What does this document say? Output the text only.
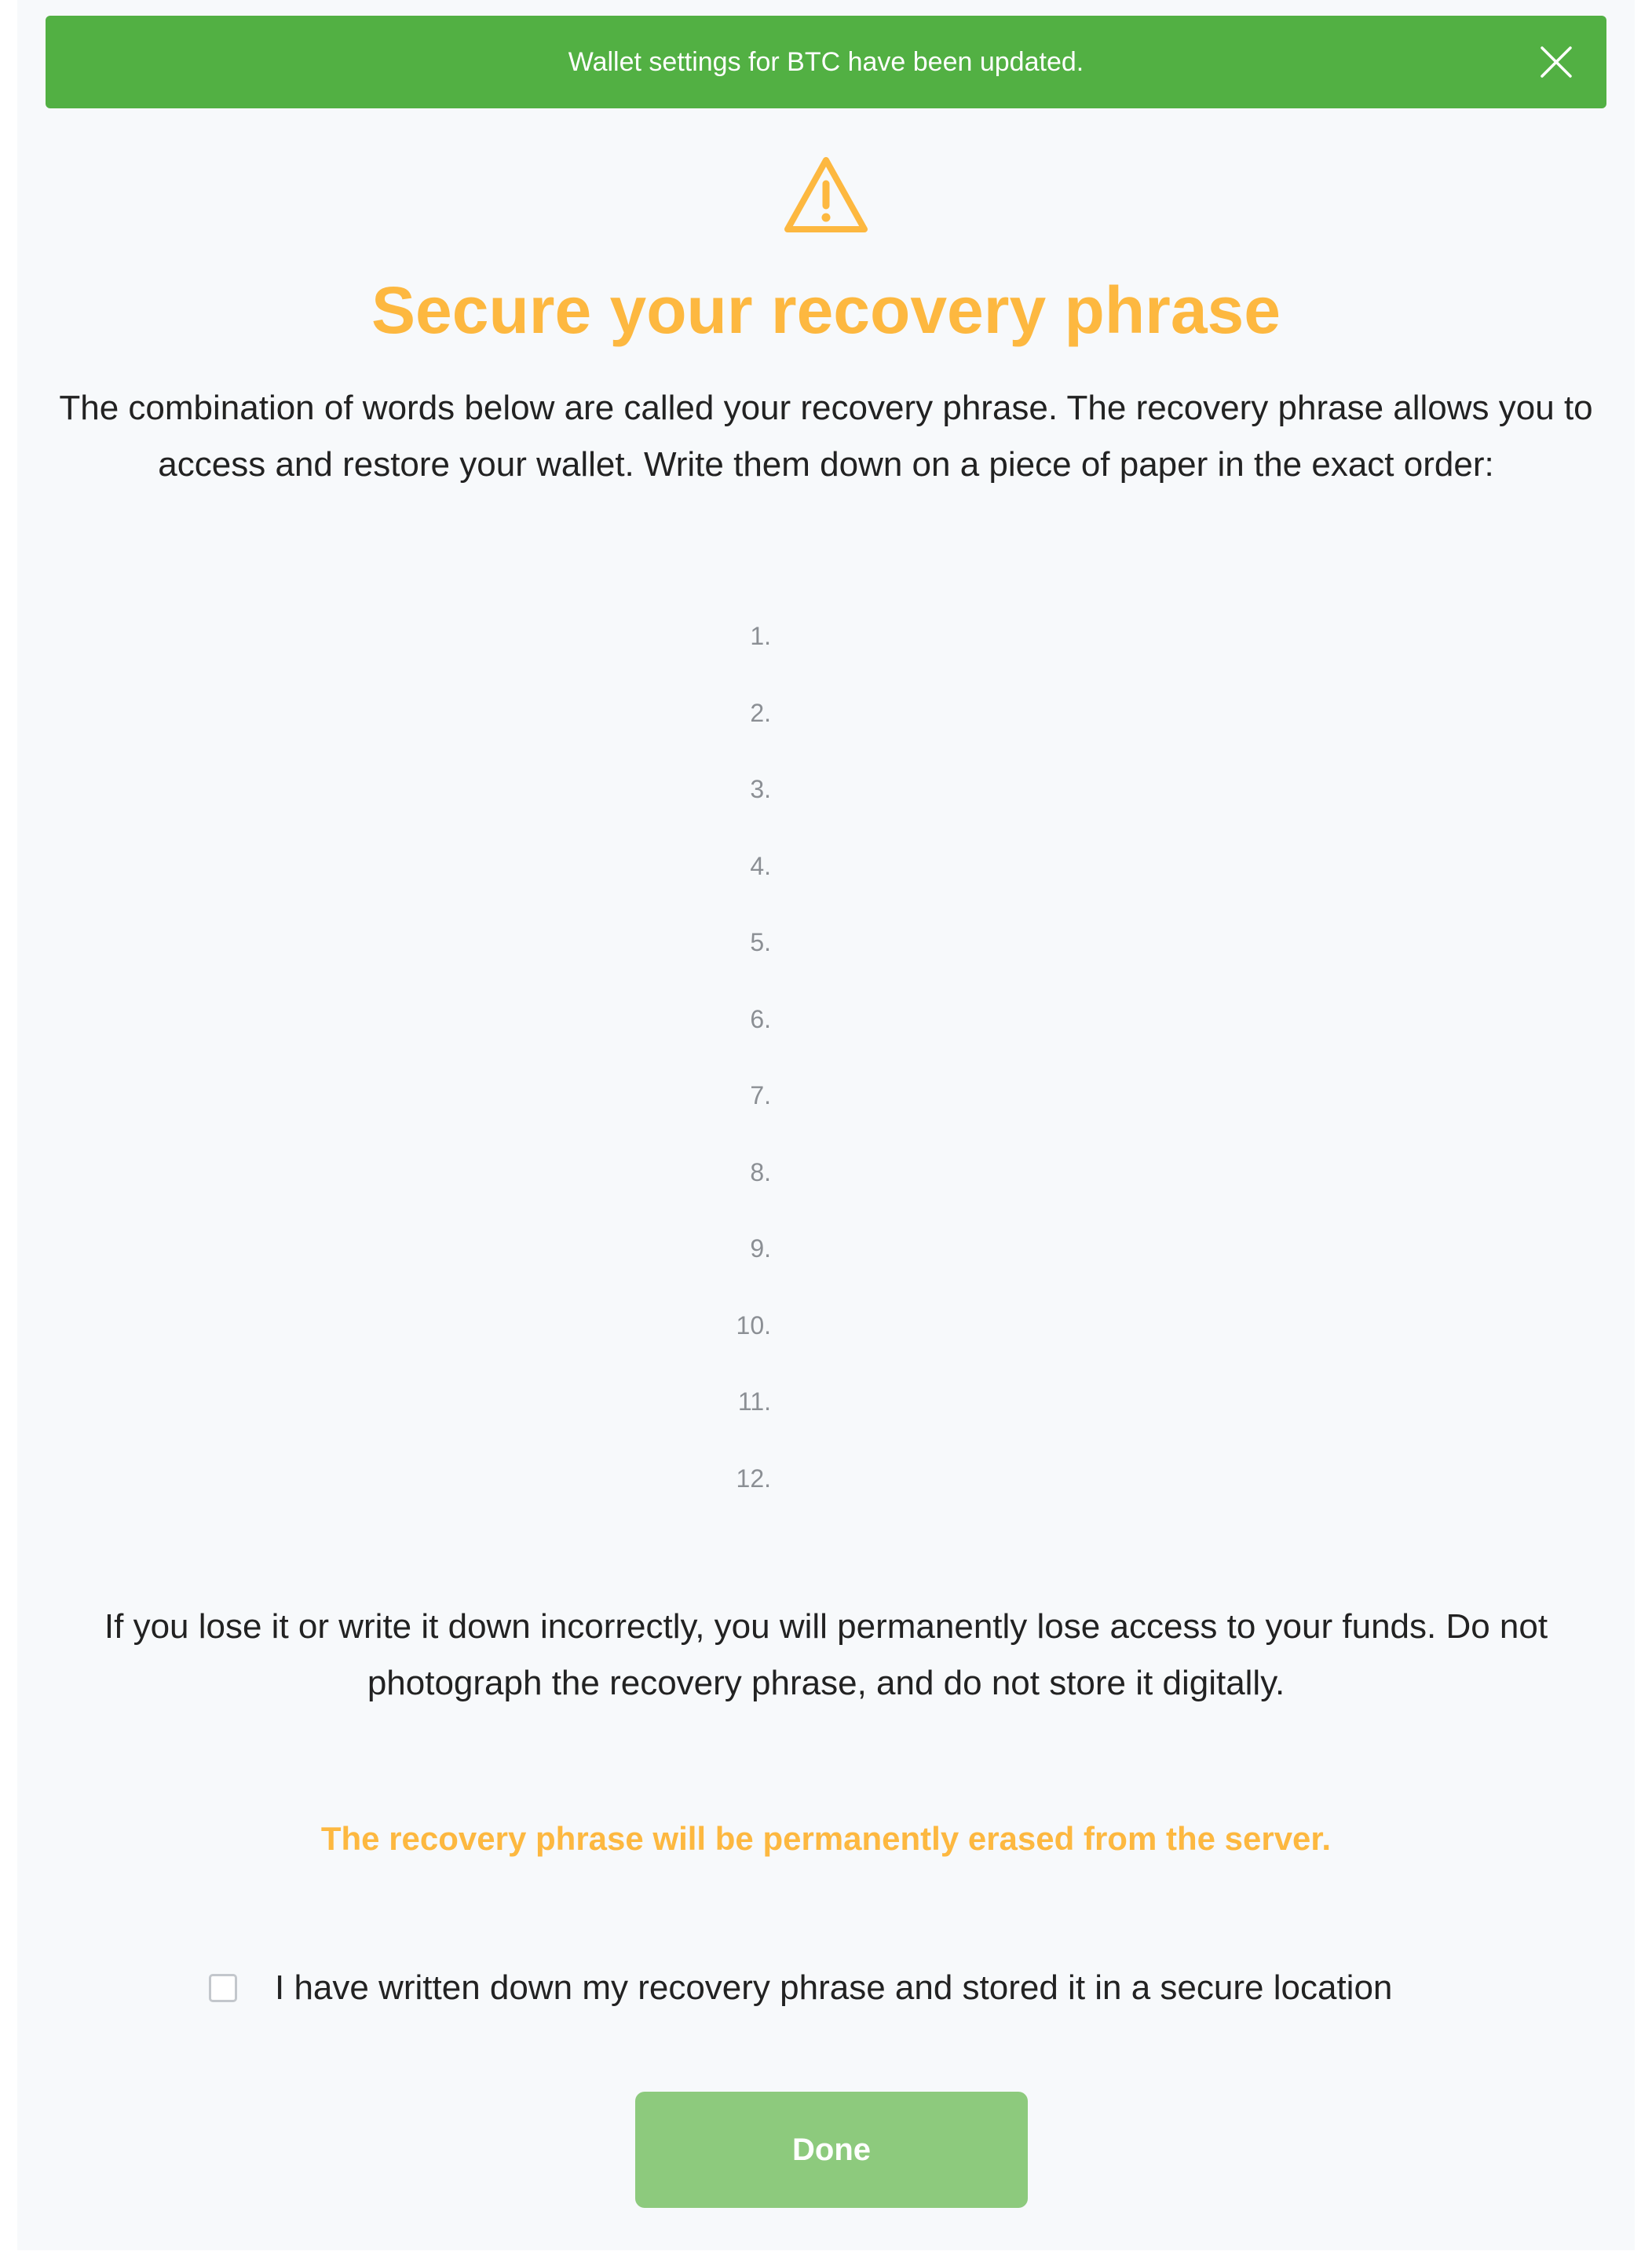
Wallet settings for BTC have been updated.
Secure your recovery phrase

The combination of words below are called your recovery phrase. The recovery phrase allows you to access and restore your wallet. Write them down on a piece of paper in the exact order:

1.
2.
3.
4.
5.
6.
7.
8.
9.
10.
11.
12.

If you lose it or write it down incorrectly, you will permanently lose access to your funds. Do not photograph the recovery phrase, and do not store it digitally.

The recovery phrase will be permanently erased from the server.

I have written down my recovery phrase and stored it in a secure location
Done
